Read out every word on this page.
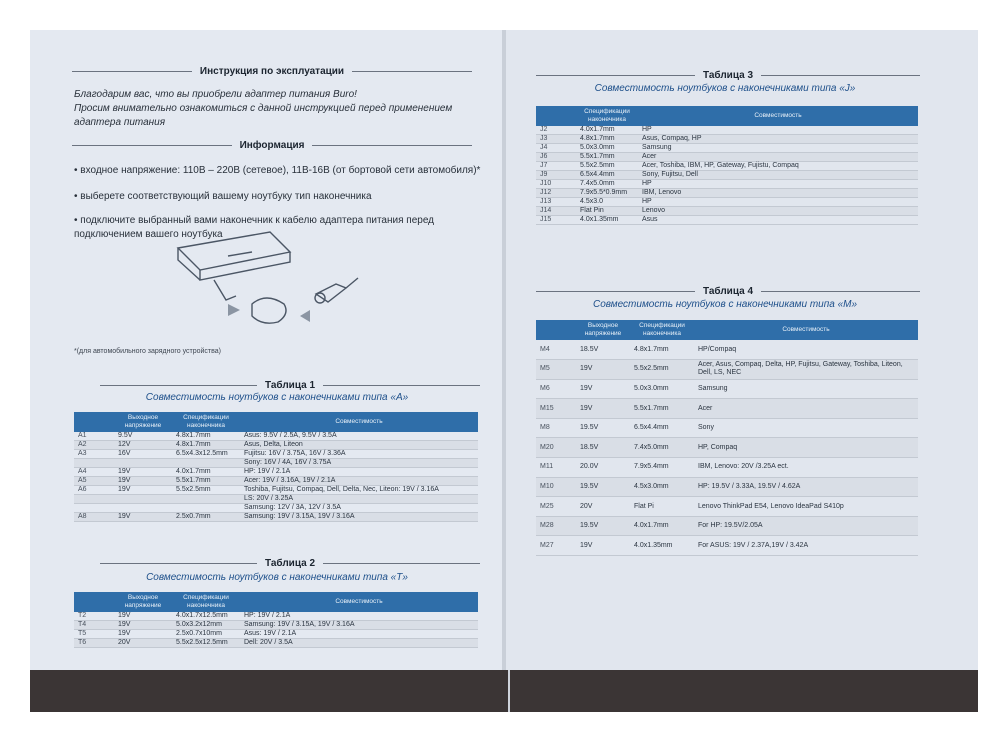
Инструкция по эксплуатации
Благодарим вас, что вы приобрели адаптер питания Buro!
Просим внимательно ознакомиться с данной инструкцией перед применением
адаптера питания
Информация
• входное напряжение: 110В – 220В (сетевое), 11В-16В (от бортовой сети автомобиля)*
• выберете соответствующий вашему ноутбуку тип наконечника
• подключите выбранный вами наконечник к кабелю адаптера питания перед подключением вашего ноутбука
*(для автомобильного зарядного устройства)
Таблица 1
Совместимость ноутбуков с наконечниками типа «А»
	Выходное напряжение	Спецификации наконечника	Совместимость
A1	9.5V	4.8x1.7mm	Asus: 9.5V / 2.5A, 9.5V / 3.5A
A2	12V	4.8x1.7mm	Asus, Delta, Liteon
A3	16V	6.5x4.3x12.5mm	Fujitsu: 16V / 3.75A, 16V / 3.36A
			Sony: 16V / 4A, 16V / 3.75A
A4	19V	4.0x1.7mm	HP: 19V / 2.1A
A5	19V	5.5x1.7mm	Acer: 19V / 3.16A, 19V / 2.1A
A6	19V	5.5x2.5mm	Toshiba, Fujitsu, Compaq, Dell, Delta, Nec, Liteon: 19V / 3.16A
			LS: 20V / 3.25A
			Samsung: 12V / 3A, 12V / 3.5A
A8	19V	2.5x0.7mm	Samsung: 19V / 3.15A, 19V / 3.16A
Таблица 2
Совместимость ноутбуков с наконечниками типа «Т»
	Выходное напряжение	Спецификации наконечника	Совместимость
T2	19V	4.0x1.7x12.5mm	HP: 19V / 2.1A
T4	19V	5.0x3.2x12mm	Samsung: 19V / 3.15A, 19V / 3.16A
T5	19V	2.5x0.7x10mm	Asus: 19V / 2.1A
T6	20V	5.5x2.5x12.5mm	Dell: 20V / 3.5A
Таблица 3
Совместимость ноутбуков с наконечниками типа «J»
	Спецификации наконечника	Совместимость
J2	4.0x1.7mm	HP
J3	4.8x1.7mm	Asus, Compaq, HP
J4	5.0x3.0mm	Samsung
J6	5.5x1.7mm	Acer
J7	5.5x2.5mm	Acer, Toshiba, IBM, HP, Gateway, Fujistu, Compaq
J9	6.5x4.4mm	Sony, Fujitsu, Dell
J10	7.4x5.0mm	HP
J12	7.9x5.5*0.9mm	IBM, Lenovo
J13	4.5x3.0	HP
J14	Flat Pin	Lenovo
J15	4.0x1.35mm	Asus
Таблица 4
Совместимость ноутбуков с наконечниками типа «М»
	Выходное напряжение	Спецификации наконечника	Совместимость
M4	18.5V	4.8x1.7mm	HP/Compaq
M5	19V	5.5x2.5mm	Acer, Asus, Compaq, Delta, HP, Fujitsu, Gateway, Toshiba, Liteon, Dell, LS, NEC
M6	19V	5.0x3.0mm	Samsung
M15	19V	5.5x1.7mm	Acer
M8	19.5V	6.5x4.4mm	Sony
M20	18.5V	7.4x5.0mm	HP, Compaq
M11	20.0V	7.9x5.4mm	IBM, Lenovo: 20V /3.25A ect.
M10	19.5V	4.5x3.0mm	HP: 19.5V / 3.33A, 19.5V / 4.62A
M25	20V	Flat Pi	Lenovo ThinkPad E54, Lenovo IdeaPad S410p
M28	19.5V	4.0x1.7mm	For HP: 19.5V/2.05A
M27	19V	4.0x1.35mm	For ASUS: 19V / 2.37A,19V / 3.42A
